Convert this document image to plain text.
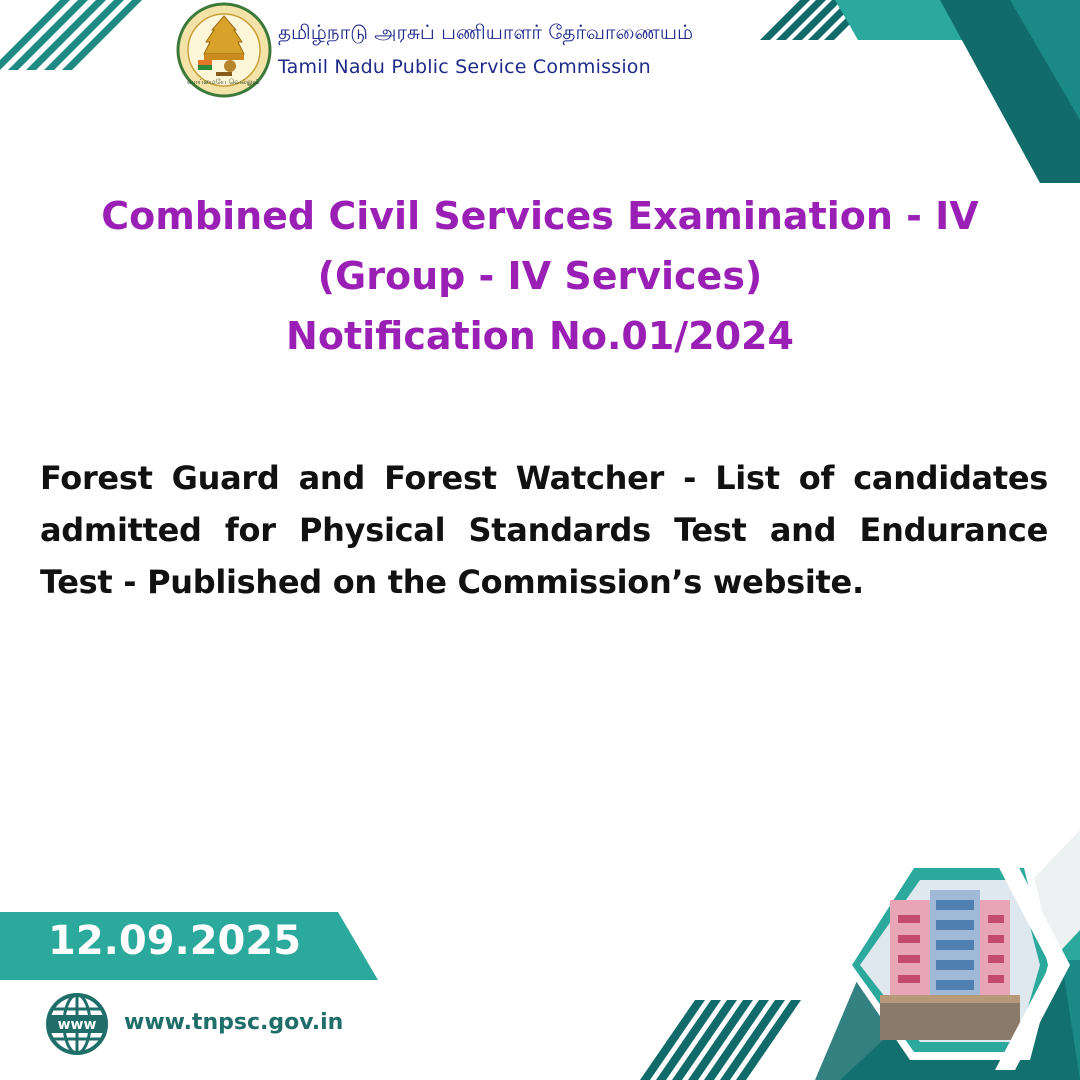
வாய்மையே வெல்லும்
தமிழ்நாடு அரசுப் பணியாளர் தேர்வாணையம்
Tamil Nadu Public Service Commission
Combined Civil Services Examination - IV
(Group - IV Services)
Notification No.01/2024
Forest Guard and Forest Watcher - List of candidates admitted for Physical Standards Test and Endurance Test - Published on the Commission’s website.
12.09.2025
www www.tnpsc.gov.in
